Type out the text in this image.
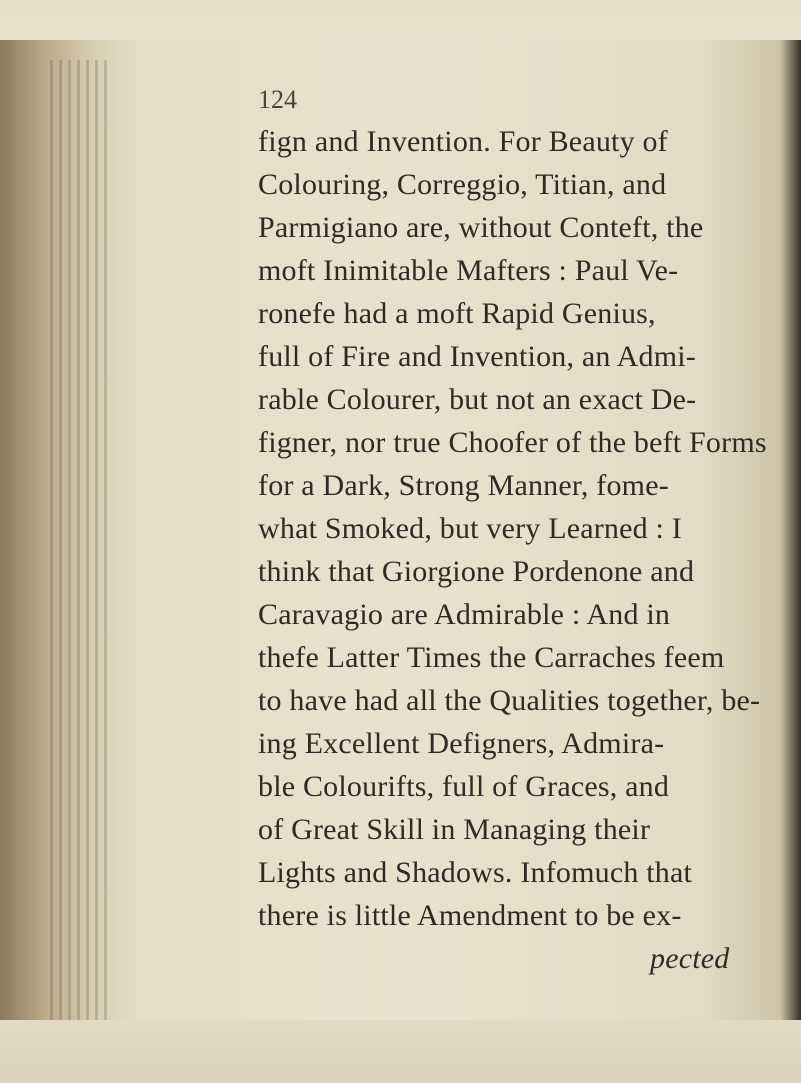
124
fign and Invention. For Beauty of
Colouring, Correggio, Titian, and
Parmigiano are, without Conteft, the
moft Inimitable Mafters : Paul Ve-
ronefe had a moft Rapid Genius,
full of Fire and Invention, an Admi-
rable Colourer, but not an exact De-
figner, nor true Choofer of the beft Forms
for a Dark, Strong Manner, fome-
what Smoked, but very Learned : I
think that Giorgione Pordenone and
Caravagio are Admirable : And in
thefe Latter Times the Carraches feem
to have had all the Qualities together, be-
ing Excellent Defigners, Admira-
ble Colourifts, full of Graces, and
of Great Skill in Managing their
Lights and Shadows. Infomuch that
there is little Amendment to be ex-
pected
